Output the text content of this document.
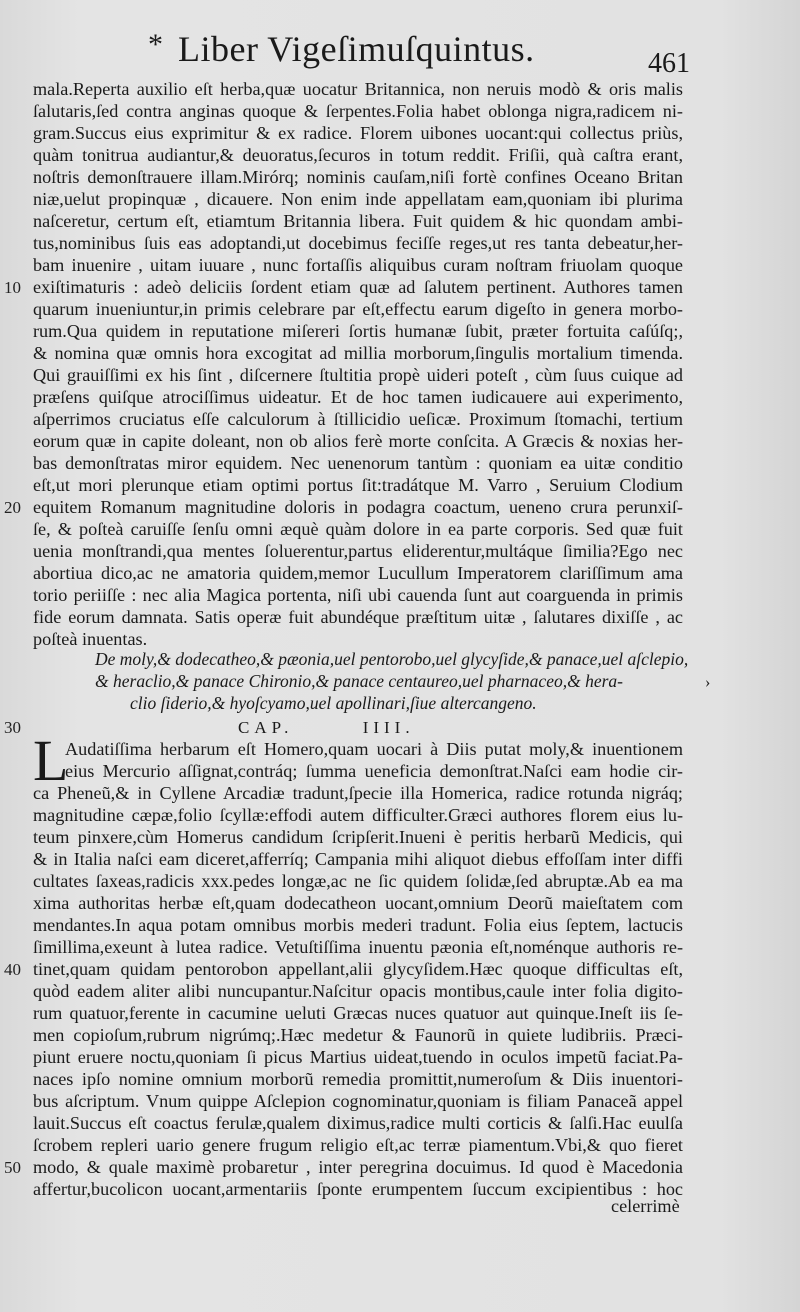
* Liber Vigeſimuſquintus.	461
10
20
30
40
50
mala.Reperta auxilio eſt herba,quæ uocatur Britannica, non neruis modò & oris malis
ſalutaris,ſed contra anginas quoque & ſerpentes.Folia habet oblonga nigra,radicem ni-
gram.Succus eius exprimitur & ex radice. Florem uibones uocant:qui collectus priùs,
quàm tonitrua audiantur,& deuoratus,ſecuros in totum reddit. Friſii, quà caſtra erant,
noſtris demonſtrauere illam.Mirórq; nominis cauſam,niſi fortè confines Oceano Britan
niæ,uelut propinquæ , dicauere. Non enim inde appellatam eam,quoniam ibi plurima
naſceretur, certum eſt, etiamtum Britannia libera. Fuit quidem & hic quondam ambi-
tus,nominibus ſuis eas adoptandi,ut docebimus feciſſe reges,ut res tanta debeatur,her-
bam inuenire , uitam iuuare , nunc fortaſſis aliquibus curam noſtram friuolam quoque
exiſtimaturis : adeò deliciis ſordent etiam quæ ad ſalutem pertinent. Authores tamen
quarum inueniuntur,in primis celebrare par eſt,effectu earum digeſto in genera morbo-
rum.Qua quidem in reputatione miſereri ſortis humanæ ſubit, præter fortuita caſúſq;,
& nomina quæ omnis hora excogitat ad millia morborum,ſingulis mortalium timenda.
Qui grauiſſimi ex his ſint , diſcernere ſtultitia propè uideri poteſt , cùm ſuus cuique ad
præſens quiſque atrociſſimus uideatur. Et de hoc tamen iudicauere aui experimento,
aſperrimos cruciatus eſſe calculorum à ſtillicidio ueſicæ. Proximum ſtomachi, tertium
eorum quæ in capite doleant, non ob alios ferè morte conſcita. A Græcis & noxias her-
bas demonſtratas miror equidem. Nec uenenorum tantùm : quoniam ea uitæ conditio
eſt,ut mori plerunque etiam optimi portus ſit:tradátque M. Varro , Seruium Clodium
equitem Romanum magnitudine doloris in podagra coactum, ueneno crura perunxiſ-
ſe, & poſteà caruiſſe ſenſu omni æquè quàm dolore in ea parte corporis. Sed quæ fuit
uenia monſtrandi,qua mentes ſoluerentur,partus eliderentur,multáque ſimilia?Ego nec
abortiua dico,ac ne amatoria quidem,memor Lucullum Imperatorem clariſſimum ama
torio periiſſe : nec alia Magica portenta, niſi ubi cauenda ſunt aut coarguenda in primis
fide eorum damnata. Satis operæ fuit abundéque præſtitum uitæ , ſalutares dixiſſe , ac
poſteà inuentas.
De moly,& dodecatheo,& pæonia,uel pentorobo,uel glycyſide,& panace,uel aſclepio,
& heraclio,& panace Chironio,& panace centaureo,uel pharnaceo,& hera-
clio ſiderio,& hyoſcyamo,uel apollinari,ſiue altercangeno.
›
CAP.	IIII.
L
Audatiſſima herbarum eſt Homero,quam uocari à Diis putat moly,& inuentionem
eius Mercurio aſſignat,contráq; ſumma ueneficia demonſtrat.Naſci eam hodie cir-
ca Pheneũ,& in Cyllene Arcadiæ tradunt,ſpecie illa Homerica, radice rotunda nigráq;
magnitudine cæpæ,folio ſcyllæ:effodi autem difficulter.Græci authores florem eius lu-
teum pinxere,cùm Homerus candidum ſcripſerit.Inueni è peritis herbarũ Medicis, qui
& in Italia naſci eam diceret,afferríq; Campania mihi aliquot diebus effoſſam inter diffi
cultates ſaxeas,radicis xxx.pedes longæ,ac ne ſic quidem ſolidæ,ſed abruptæ.Ab ea ma
xima authoritas herbæ eſt,quam dodecatheon uocant,omnium Deorũ maieſtatem com
mendantes.In aqua potam omnibus morbis mederi tradunt. Folia eius ſeptem, lactucis
ſimillima,exeunt à lutea radice. Vetuſtiſſima inuentu pæonia eſt,noménque authoris re-
tinet,quam quidam pentorobon appellant,alii glycyſidem.Hæc quoque difficultas eſt,
quòd eadem aliter alibi nuncupantur.Naſcitur opacis montibus,caule inter folia digito-
rum quatuor,ferente in cacumine ueluti Græcas nuces quatuor aut quinque.Ineſt iis ſe-
men copioſum,rubrum nigrúmq;.Hæc medetur & Faunorũ in quiete ludibriis. Præci-
piunt eruere noctu,quoniam ſi picus Martius uideat,tuendo in oculos impetũ faciat.Pa-
naces ipſo nomine omnium morborũ remedia promittit,numeroſum & Diis inuentori-
bus aſcriptum. Vnum quippe Aſclepion cognominatur,quoniam is filiam Panaceã appel
lauit.Succus eſt coactus ferulæ,qualem diximus,radice multi corticis & ſalſi.Hac euulſa
ſcrobem repleri uario genere frugum religio eſt,ac terræ piamentum.Vbi,& quo fieret
modo, & quale maximè probaretur , inter peregrina docuimus. Id quod è Macedonia
affertur,bucolicon uocant,armentariis ſponte erumpentem ſuccum excipientibus : hoc
celerrimè
